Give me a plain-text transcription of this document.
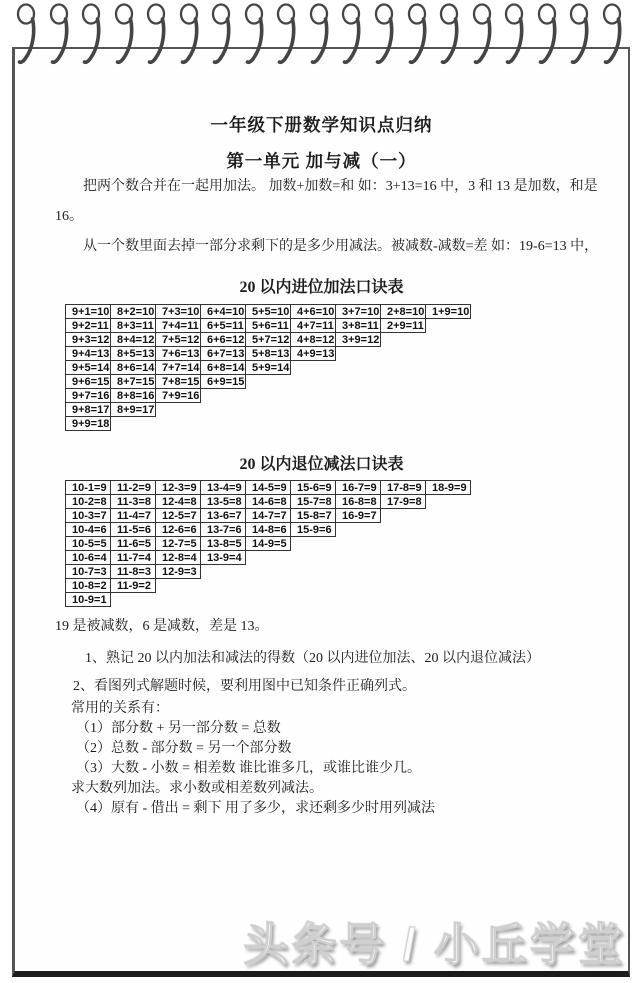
一年级下册数学知识点归纳
第一单元 加与减（一）

把两个数合并在一起用加法。 加数+加数=和 如：3+13=16 中，3 和 13 是加数，和是

16。

从一个数里面去掉一部分求剩下的是多少用减法。被减数-减数=差 如：19-6=13 中，

20 以内进位加法口诀表
9+1=10	8+2=10	7+3=10	6+4=10	5+5=10	4+6=10	3+7=10	2+8=10	1+9=10
9+2=11	8+3=11	7+4=11	6+5=11	5+6=11	4+7=11	3+8=11	2+9=11	
9+3=12	8+4=12	7+5=12	6+6=12	5+7=12	4+8=12	3+9=12		
9+4=13	8+5=13	7+6=13	6+7=13	5+8=13	4+9=13			
9+5=14	8+6=14	7+7=14	6+8=14	5+9=14				
9+6=15	8+7=15	7+8=15	6+9=15					
9+7=16	8+8=16	7+9=16						
9+8=17	8+9=17							
9+9=18								
20 以内退位减法口诀表
10-1=9	11-2=9	12-3=9	13-4=9	14-5=9	15-6=9	16-7=9	17-8=9	18-9=9
10-2=8	11-3=8	12-4=8	13-5=8	14-6=8	15-7=8	16-8=8	17-9=8	
10-3=7	11-4=7	12-5=7	13-6=7	14-7=7	15-8=7	16-9=7		
10-4=6	11-5=6	12-6=6	13-7=6	14-8=6	15-9=6			
10-5=5	11-6=5	12-7=5	13-8=5	14-9=5				
10-6=4	11-7=4	12-8=4	13-9=4					
10-7=3	11-8=3	12-9=3						
10-8=2	11-9=2							
10-9=1								

19 是被减数，6 是减数，差是 13。

1、熟记 20 以内加法和减法的得数（20 以内进位加法、20 以内退位减法）

2、看图列式解题时候，要利用图中已知条件正确列式。

常用的关系有：

（1）部分数 + 另一部分数 = 总数

（2）总数 - 部分数 = 另一个部分数

（3）大数 - 小数 = 相差数 谁比谁多几，或谁比谁少几。

求大数列加法。求小数或相差数列减法。

（4）原有 - 借出 = 剩下 用了多少，求还剩多少时用列减法

头条号 / 小丘学堂
